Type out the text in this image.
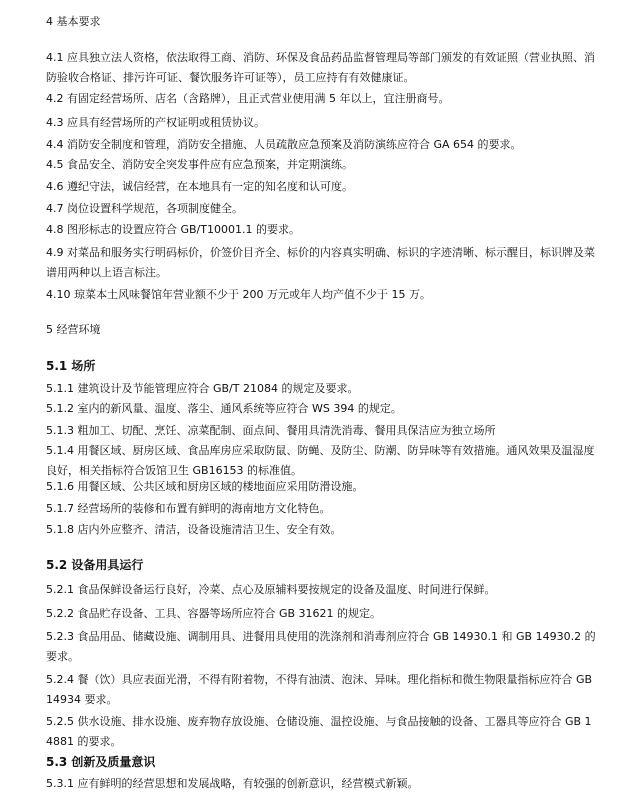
4 基本要求
4.1 应具独立法人资格，依法取得工商、消防、环保及食品药品监督管理局等部门颁发的有效证照（营业执照、消防验收合格证、排污许可证、餐饮服务许可证等），员工应持有有效健康证。
4.2 有固定经营场所、店名（含路牌），且正式营业使用满 5 年以上，宜注册商号。
4.3 应具有经营场所的产权证明或租赁协议。
4.4 消防安全制度和管理，消防安全措施、人员疏散应急预案及消防演练应符合 GA 654 的要求。
4.5 食品安全、消防安全突发事件应有应急预案，并定期演练。
4.6 遵纪守法，诚信经营，在本地具有一定的知名度和认可度。
4.7 岗位设置科学规范，各项制度健全。
4.8 图形标志的设置应符合 GB/T10001.1 的要求。
4.9 对菜品和服务实行明码标价，价签价目齐全、标价的内容真实明确、标识的字迹清晰、标示醒目，标识牌及菜谱用两种以上语言标注。
4.10 琼菜本土风味餐馆年营业额不少于 200 万元或年人均产值不少于 15 万。
5 经营环境
5.1 场所
5.1.1 建筑设计及节能管理应符合 GB/T 21084 的规定及要求。
5.1.2 室内的新风量、温度、落尘、通风系统等应符合 WS 394 的规定。
5.1.3 粗加工、切配、烹饪、凉菜配制、面点间、餐用具清洗消毒、餐用具保洁应为独立场所
5.1.4 用餐区域、厨房区域、食品库房应采取防鼠、防蝇、及防尘、防潮、防异味等有效措施。通风效果及温湿度良好，相关指标符合饭馆卫生 GB16153 的标准值。
5.1.6 用餐区域、公共区域和厨房区域的楼地面应采用防滑设施。
5.1.7 经营场所的装修和布置有鲜明的海南地方文化特色。
5.1.8 店内外应整齐、清洁，设备设施清洁卫生、安全有效。
5.2 设备用具运行
5.2.1 食品保鲜设备运行良好，冷菜、点心及原辅料要按规定的设备及温度、时间进行保鲜。
5.2.2 食品贮存设备、工具、容器等场所应符合 GB 31621 的规定。
5.2.3 食品用品、储藏设施、调制用具、进餐用具使用的洗涤剂和消毒剂应符合 GB 14930.1 和 GB 14930.2 的要求。
5.2.4 餐（饮）具应表面光滑，不得有附着物，不得有油渍、泡沫、异味。理化指标和微生物限量指标应符合 GB 14934 要求。
5.2.5 供水设施、排水设施、废弃物存放设施、仓储设施、温控设施、与食品接触的设备、工器具等应符合 GB 14881 的要求。
5.3 创新及质量意识
5.3.1 应有鲜明的经营思想和发展战略，有较强的创新意识，经营模式新颖。
